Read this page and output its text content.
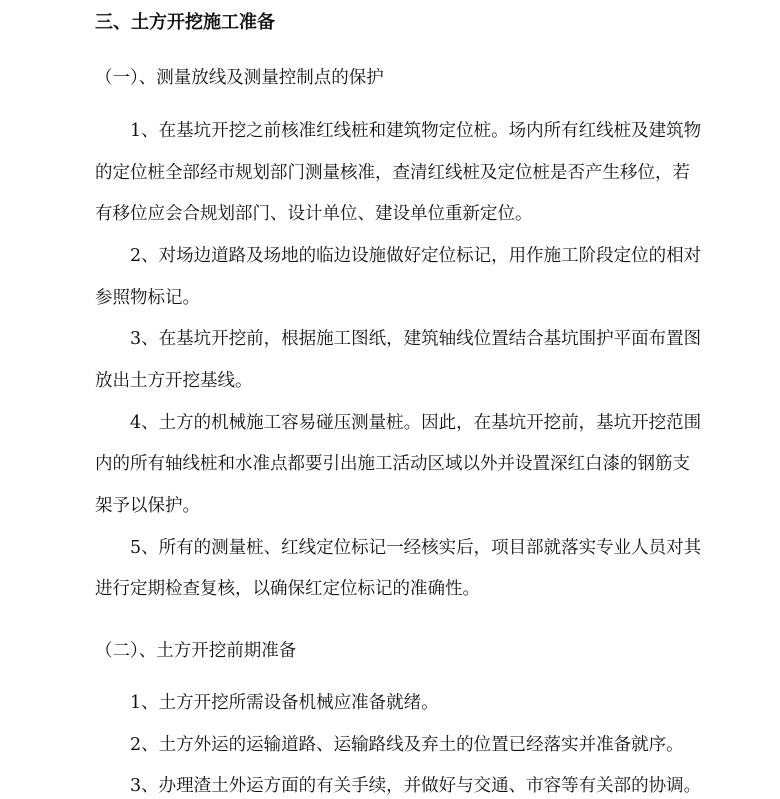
三、土方开挖施工准备
（一）、测量放线及测量控制点的保护
1、在基坑开挖之前核准红线桩和建筑物定位桩。场内所有红线桩及建筑物
的定位桩全部经市规划部门测量核准，查清红线桩及定位桩是否产生移位，若
有移位应会合规划部门、设计单位、建设单位重新定位。
2、对场边道路及场地的临边设施做好定位标记，用作施工阶段定位的相对
参照物标记。
3、在基坑开挖前，根据施工图纸，建筑轴线位置结合基坑围护平面布置图
放出土方开挖基线。
4、土方的机械施工容易碰压测量桩。因此，在基坑开挖前，基坑开挖范围
内的所有轴线桩和水准点都要引出施工活动区域以外并设置深红白漆的钢筋支
架予以保护。
5、所有的测量桩、红线定位标记一经核实后，项目部就落实专业人员对其
进行定期检查复核，以确保红定位标记的准确性。
（二）、土方开挖前期准备
1、土方开挖所需设备机械应准备就绪。
2、土方外运的运输道路、运输路线及弃土的位置已经落实并准备就序。
3、办理渣土外运方面的有关手续，并做好与交通、市容等有关部的协调。
